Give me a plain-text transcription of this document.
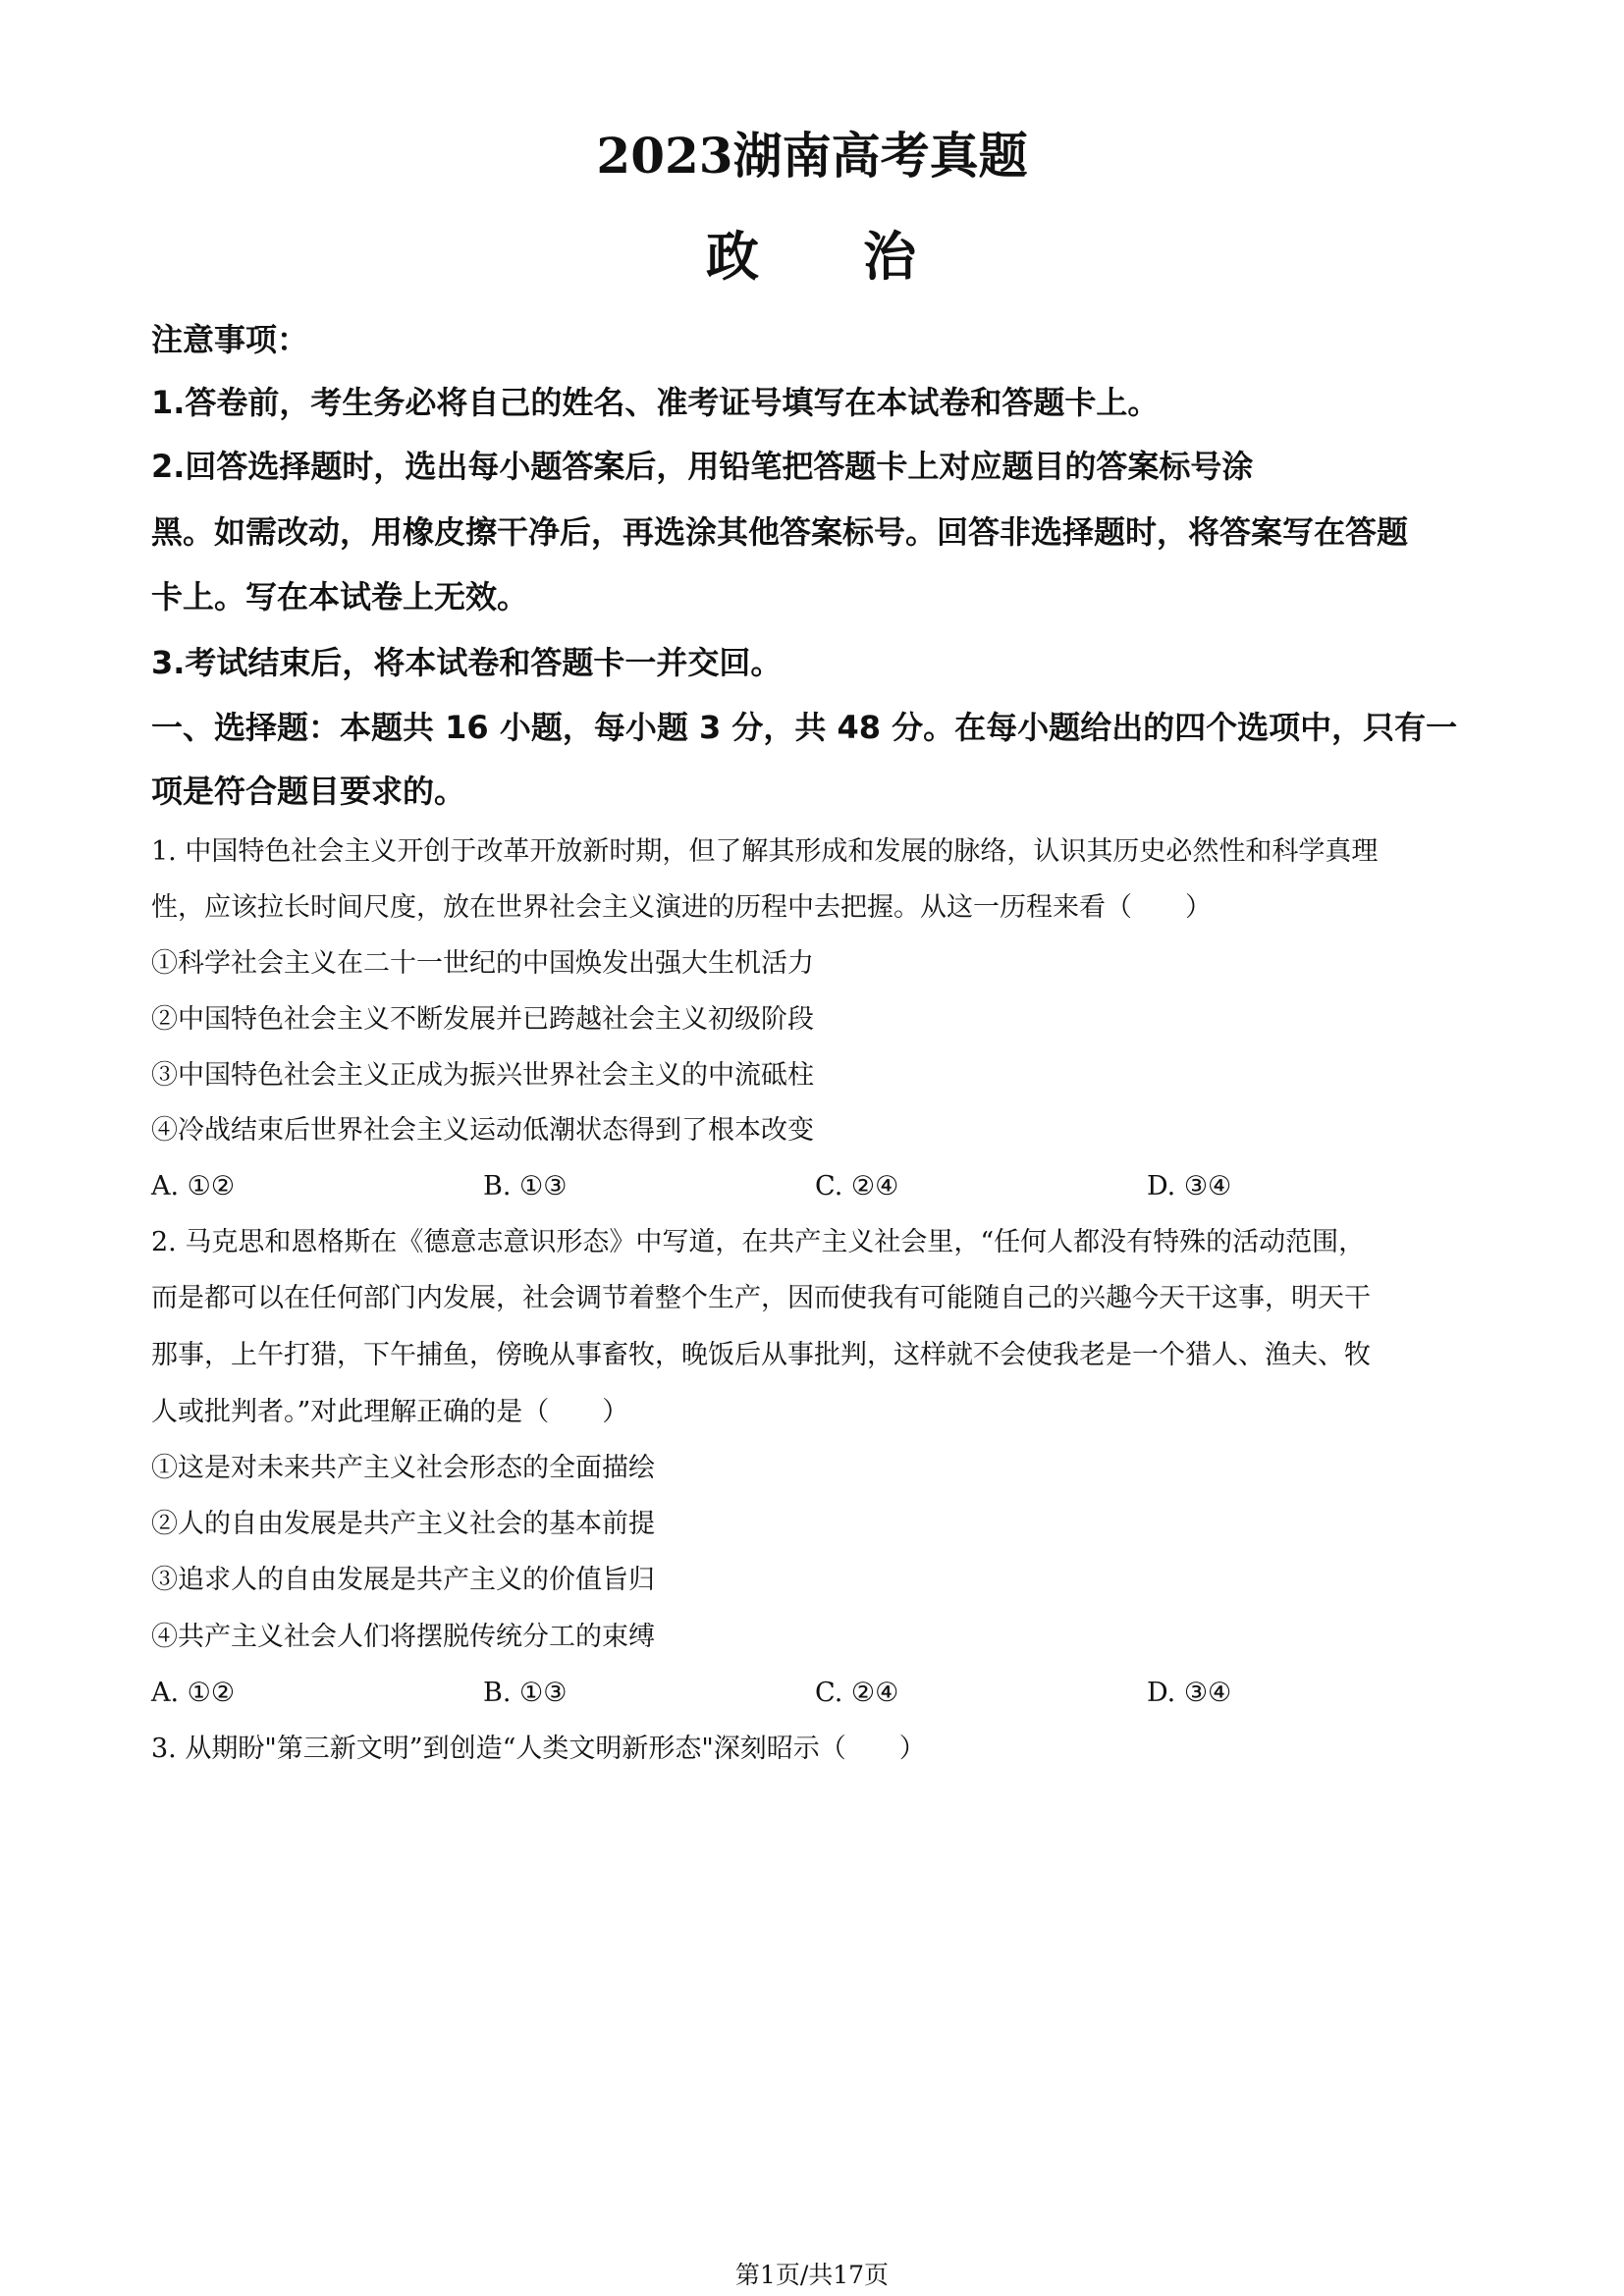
2023湖南高考真题
政 治
注意事项：
1.答卷前，考生务必将自己的姓名、准考证号填写在本试卷和答题卡上。
2.回答选择题时，选出每小题答案后，用铅笔把答题卡上对应题目的答案标号涂
黑。如需改动，用橡皮擦干净后，再选涂其他答案标号。回答非选择题时，将答案写在答题
卡上。写在本试卷上无效。
3.考试结束后，将本试卷和答题卡一并交回。
一、选择题：本题共 16 小题，每小题 3 分，共 48 分。在每小题给出的四个选项中，只有一
项是符合题目要求的。
1. 中国特色社会主义开创于改革开放新时期，但了解其形成和发展的脉络，认识其历史必然性和科学真理
性，应该拉长时间尺度，放在世界社会主义演进的历程中去把握。从这一历程来看（　　）
①科学社会主义在二十一世纪的中国焕发出强大生机活力
②中国特色社会主义不断发展并已跨越社会主义初级阶段
③中国特色社会主义正成为振兴世界社会主义的中流砥柱
④冷战结束后世界社会主义运动低潮状态得到了根本改变
A. ①②	B. ①③	C. ②④	D. ③④
2. 马克思和恩格斯在《德意志意识形态》中写道，在共产主义社会里，“任何人都没有特殊的活动范围，
而是都可以在任何部门内发展，社会调节着整个生产，因而使我有可能随自己的兴趣今天干这事，明天干
那事，上午打猎，下午捕鱼，傍晚从事畜牧，晚饭后从事批判，这样就不会使我老是一个猎人、渔夫、牧
人或批判者。”对此理解正确的是（　　）
①这是对未来共产主义社会形态的全面描绘
②人的自由发展是共产主义社会的基本前提
③追求人的自由发展是共产主义的价值旨归
④共产主义社会人们将摆脱传统分工的束缚
A. ①②	B. ①③	C. ②④	D. ③④
3. 从期盼"第三新文明”到创造“人类文明新形态"深刻昭示（　　）
第1页/共17页
